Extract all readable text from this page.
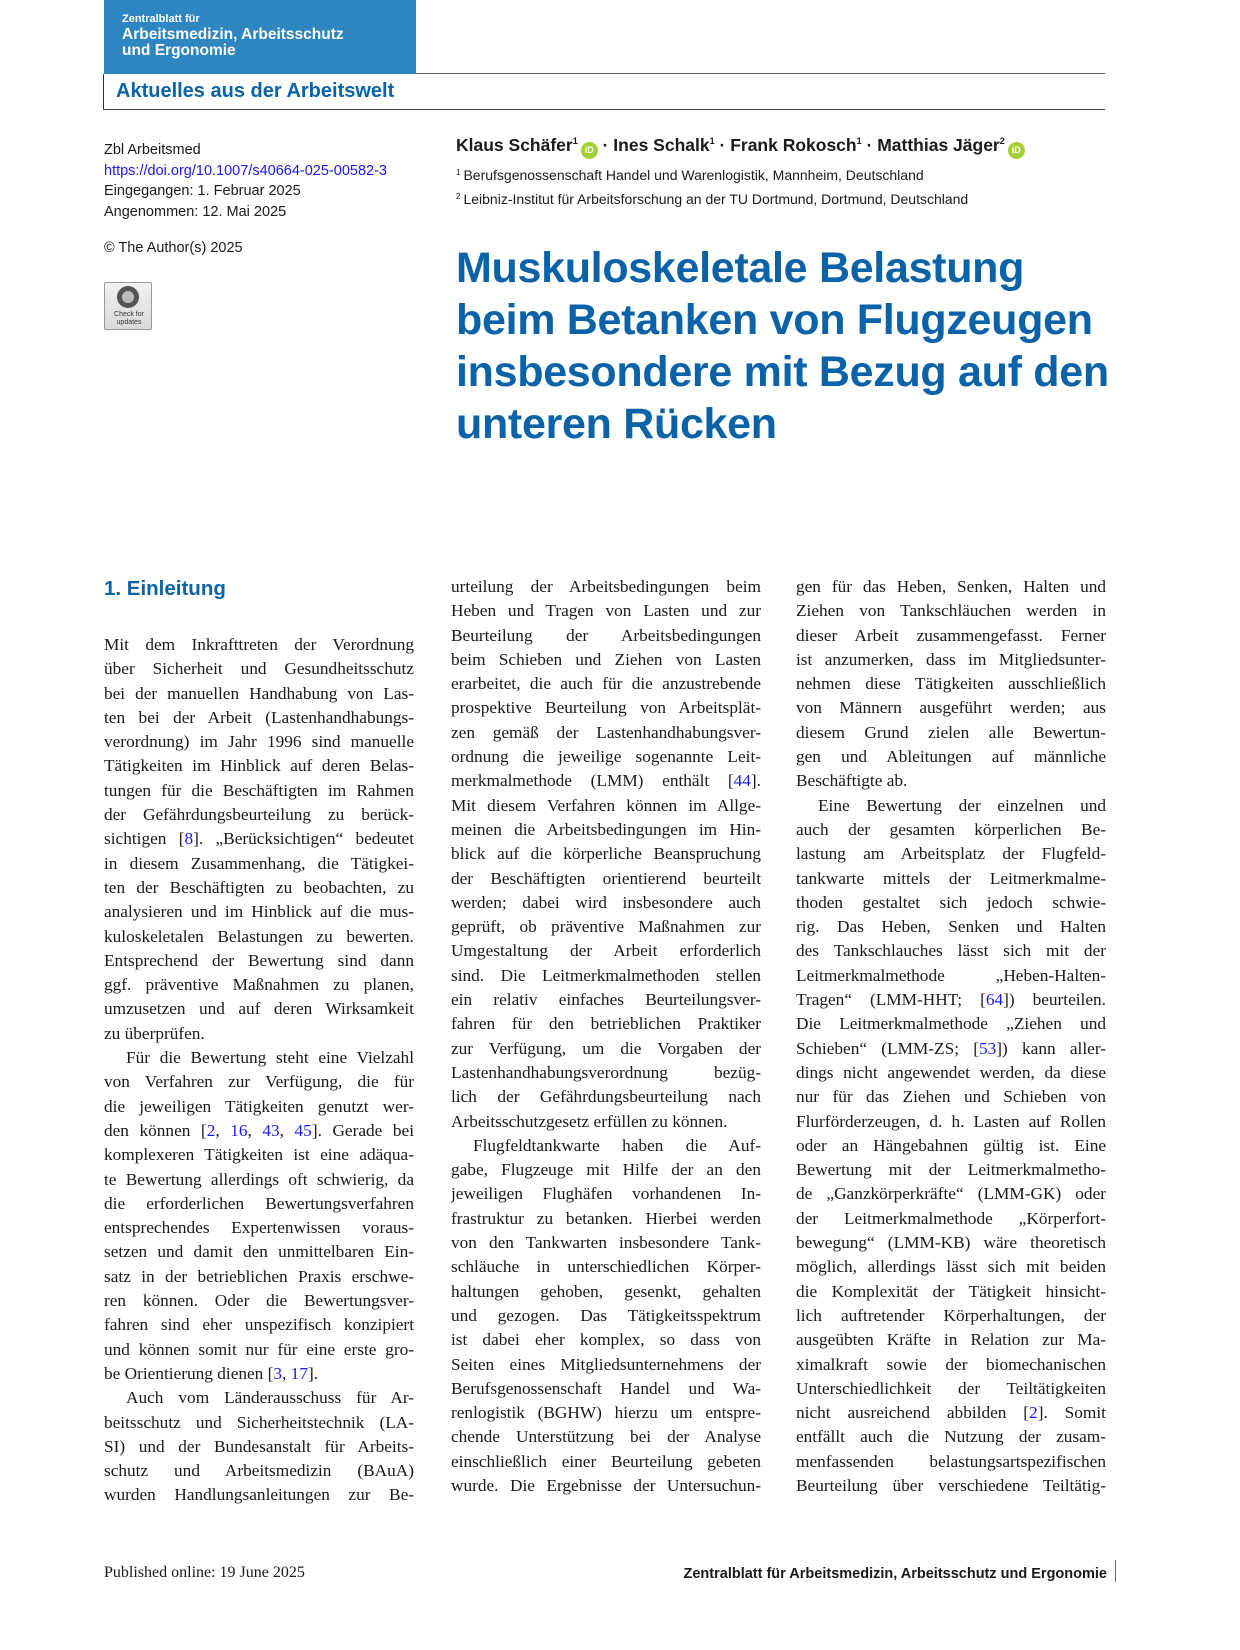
Zentralblatt für
Arbeitsmedizin, Arbeitsschutz
und Ergonomie
Aktuelles aus der Arbeitswelt
Zbl Arbeitsmed
https://doi.org/10.1007/s40664-025-00582-3
Eingegangen: 1. Februar 2025
Angenommen: 12. Mai 2025
© The Author(s) 2025
Check for
updates
Klaus Schäfer$^1$iD · Ines Schalk$^1$ · Frank Rokosch$^1$ · Matthias Jäger$^2$iD
$^1$ Berufsgenossenschaft Handel und Warenlogistik, Mannheim, Deutschland
$^2$ Leibniz-Institut für Arbeitsforschung an der TU Dortmund, Dortmund, Deutschland
Muskuloskeletale Belastung
beim Betanken von Flugzeugen
insbesondere mit Bezug auf den
unteren Rücken
1. Einleitung
Mit dem Inkrafttreten der Verordnung
über Sicherheit und Gesundheitsschutz
bei der manuellen Handhabung von Las-
ten bei der Arbeit (Lastenhandhabungs-
verordnung) im Jahr 1996 sind manuelle
Tätigkeiten im Hinblick auf deren Belas-
tungen für die Beschäftigten im Rahmen
der Gefährdungsbeurteilung zu berück-
sichtigen [8]. „Berücksichtigen“ bedeutet
in diesem Zusammenhang, die Tätigkei-
ten der Beschäftigten zu beobachten, zu
analysieren und im Hinblick auf die mus-
kuloskeletalen Belastungen zu bewerten.
Entsprechend der Bewertung sind dann
ggf. präventive Maßnahmen zu planen,
umzusetzen und auf deren Wirksamkeit
zu überprüfen.
Für die Bewertung steht eine Vielzahl
von Verfahren zur Verfügung, die für
die jeweiligen Tätigkeiten genutzt wer-
den können [2, 16, 43, 45]. Gerade bei
komplexeren Tätigkeiten ist eine adäqua-
te Bewertung allerdings oft schwierig, da
die erforderlichen Bewertungsverfahren
entsprechendes Expertenwissen voraus-
setzen und damit den unmittelbaren Ein-
satz in der betrieblichen Praxis erschwe-
ren können. Oder die Bewertungsver-
fahren sind eher unspezifisch konzipiert
und können somit nur für eine erste gro-
be Orientierung dienen [3, 17].
Auch vom Länderausschuss für Ar-
beitsschutz und Sicherheitstechnik (LA-
SI) und der Bundesanstalt für Arbeits-
schutz und Arbeitsmedizin (BAuA)
wurden Handlungsanleitungen zur Be-
urteilung der Arbeitsbedingungen beim
Heben und Tragen von Lasten und zur
Beurteilung der Arbeitsbedingungen
beim Schieben und Ziehen von Lasten
erarbeitet, die auch für die anzustrebende
prospektive Beurteilung von Arbeitsplät-
zen gemäß der Lastenhandhabungsver-
ordnung die jeweilige sogenannte Leit-
merkmalmethode (LMM) enthält [44].
Mit diesem Verfahren können im Allge-
meinen die Arbeitsbedingungen im Hin-
blick auf die körperliche Beanspruchung
der Beschäftigten orientierend beurteilt
werden; dabei wird insbesondere auch
geprüft, ob präventive Maßnahmen zur
Umgestaltung der Arbeit erforderlich
sind. Die Leitmerkmalmethoden stellen
ein relativ einfaches Beurteilungsver-
fahren für den betrieblichen Praktiker
zur Verfügung, um die Vorgaben der
Lastenhandhabungsverordnung bezüg-
lich der Gefährdungsbeurteilung nach
Arbeitsschutzgesetz erfüllen zu können.
Flugfeldtankwarte haben die Auf-
gabe, Flugzeuge mit Hilfe der an den
jeweiligen Flughäfen vorhandenen In-
frastruktur zu betanken. Hierbei werden
von den Tankwarten insbesondere Tank-
schläuche in unterschiedlichen Körper-
haltungen gehoben, gesenkt, gehalten
und gezogen. Das Tätigkeitsspektrum
ist dabei eher komplex, so dass von
Seiten eines Mitgliedsunternehmens der
Berufsgenossenschaft Handel und Wa-
renlogistik (BGHW) hierzu um entspre-
chende Unterstützung bei der Analyse
einschließlich einer Beurteilung gebeten
wurde. Die Ergebnisse der Untersuchun-
gen für das Heben, Senken, Halten und
Ziehen von Tankschläuchen werden in
dieser Arbeit zusammengefasst. Ferner
ist anzumerken, dass im Mitgliedsunter-
nehmen diese Tätigkeiten ausschließlich
von Männern ausgeführt werden; aus
diesem Grund zielen alle Bewertun-
gen und Ableitungen auf männliche
Beschäftigte ab.
Eine Bewertung der einzelnen und
auch der gesamten körperlichen Be-
lastung am Arbeitsplatz der Flugfeld-
tankwarte mittels der Leitmerkmalme-
thoden gestaltet sich jedoch schwie-
rig. Das Heben, Senken und Halten
des Tankschlauches lässt sich mit der
Leitmerkmalmethode „Heben-Halten-
Tragen“ (LMM-HHT; [64]) beurteilen.
Die Leitmerkmalmethode „Ziehen und
Schieben“ (LMM-ZS; [53]) kann aller-
dings nicht angewendet werden, da diese
nur für das Ziehen und Schieben von
Flurförderzeugen, d. h. Lasten auf Rollen
oder an Hängebahnen gültig ist. Eine
Bewertung mit der Leitmerkmalmetho-
de „Ganzkörperkräfte“ (LMM-GK) oder
der Leitmerkmalmethode „Körperfort-
bewegung“ (LMM-KB) wäre theoretisch
möglich, allerdings lässt sich mit beiden
die Komplexität der Tätigkeit hinsicht-
lich auftretender Körperhaltungen, der
ausgeübten Kräfte in Relation zur Ma-
ximalkraft sowie der biomechanischen
Unterschiedlichkeit der Teiltätigkeiten
nicht ausreichend abbilden [2]. Somit
entfällt auch die Nutzung der zusam-
menfassenden belastungsartspezifischen
Beurteilung über verschiedene Teiltätig-
Published online: 19 June 2025	Zentralblatt für Arbeitsmedizin, Arbeitsschutz und Ergonomie
